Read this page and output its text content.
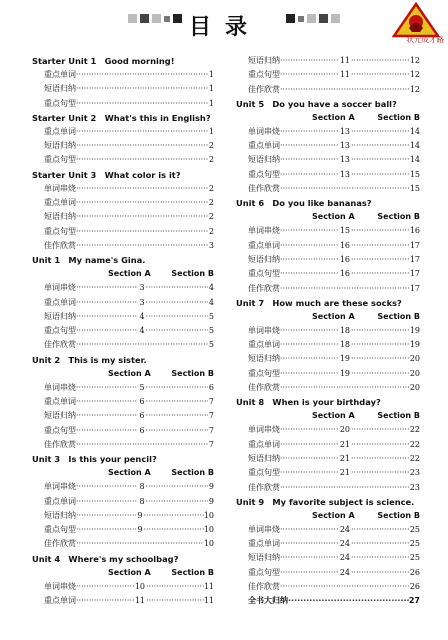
目录	状元成才路

Starter Unit 1　Good morning!
重点单词 ·····	1
短语归纳 ·····	1
重点句型 ·····	1
Starter Unit 2　What's this in English?
重点单词 ·····	1
短语归纳 ·····	2
重点句型 ·····	2
Starter Unit 3　What color is it?
单词串烧 ·····	2
重点单词 ·····	2
短语归纳 ·····	2
重点句型 ·····	2
佳作欣赏 ·····	3
Unit 1　My name's Gina.
Section A	Section B
单词串烧 ·····	3 ·····	4
重点单词 ·····	3 ·····	4
短语归纳 ·····	4 ·····	5
重点句型 ·····	4 ·····	5
佳作欣赏 ·····	5
Unit 2　This is my sister.
Section A	Section B
单词串烧 ·····	5 ·····	6
重点单词 ·····	6 ·····	7
短语归纳 ·····	6 ·····	7
重点句型 ·····	6 ·····	7
佳作欣赏 ·····	7
Unit 3　Is this your pencil?
Section A	Section B
单词串烧 ·····	8 ·····	9
重点单词 ·····	8 ·····	9
短语归纳 ·····	9 ·····	10
重点句型 ·····	9 ·····	10
佳作欣赏 ·····	10
Unit 4　Where's my schoolbag?
Section A	Section B
单词串烧 ·····	10 ·····	11
重点单词 ·····	11 ·····	11
短语归纳 ·····	11 ·····	12
重点句型 ·····	11 ·····	12
佳作欣赏 ·····	12
Unit 5　Do you have a soccer ball?
Section A	Section B
单词串烧 ·····	13 ·····	14
重点单词 ·····	13 ·····	14
短语归纳 ·····	13 ·····	14
重点句型 ·····	13 ·····	15
佳作欣赏 ·····	15
Unit 6　Do you like bananas?
Section A	Section B
单词串烧 ·····	15 ·····	16
重点单词 ·····	16 ·····	17
短语归纳 ·····	16 ·····	17
重点句型 ·····	16 ·····	17
佳作欣赏 ·····	17
Unit 7　How much are these socks?
Section A	Section B
单词串烧 ·····	18 ·····	19
重点单词 ·····	18 ·····	19
短语归纳 ·····	19 ·····	20
重点句型 ·····	19 ·····	20
佳作欣赏 ·····	20
Unit 8　When is your birthday?
Section A	Section B
单词串烧 ·····	20 ·····	22
重点单词 ·····	21 ·····	22
短语归纳 ·····	21 ·····	22
重点句型 ·····	21 ·····	23
佳作欣赏 ·····	23
Unit 9　My favorite subject is science.
Section A	Section B
单词串烧 ·····	24 ·····	25
重点单词 ·····	24 ·····	25
短语归纳 ·····	24 ·····	25
重点句型 ·····	24 ·····	26
佳作欣赏 ·····	26
全书大归纳 ·····	27
